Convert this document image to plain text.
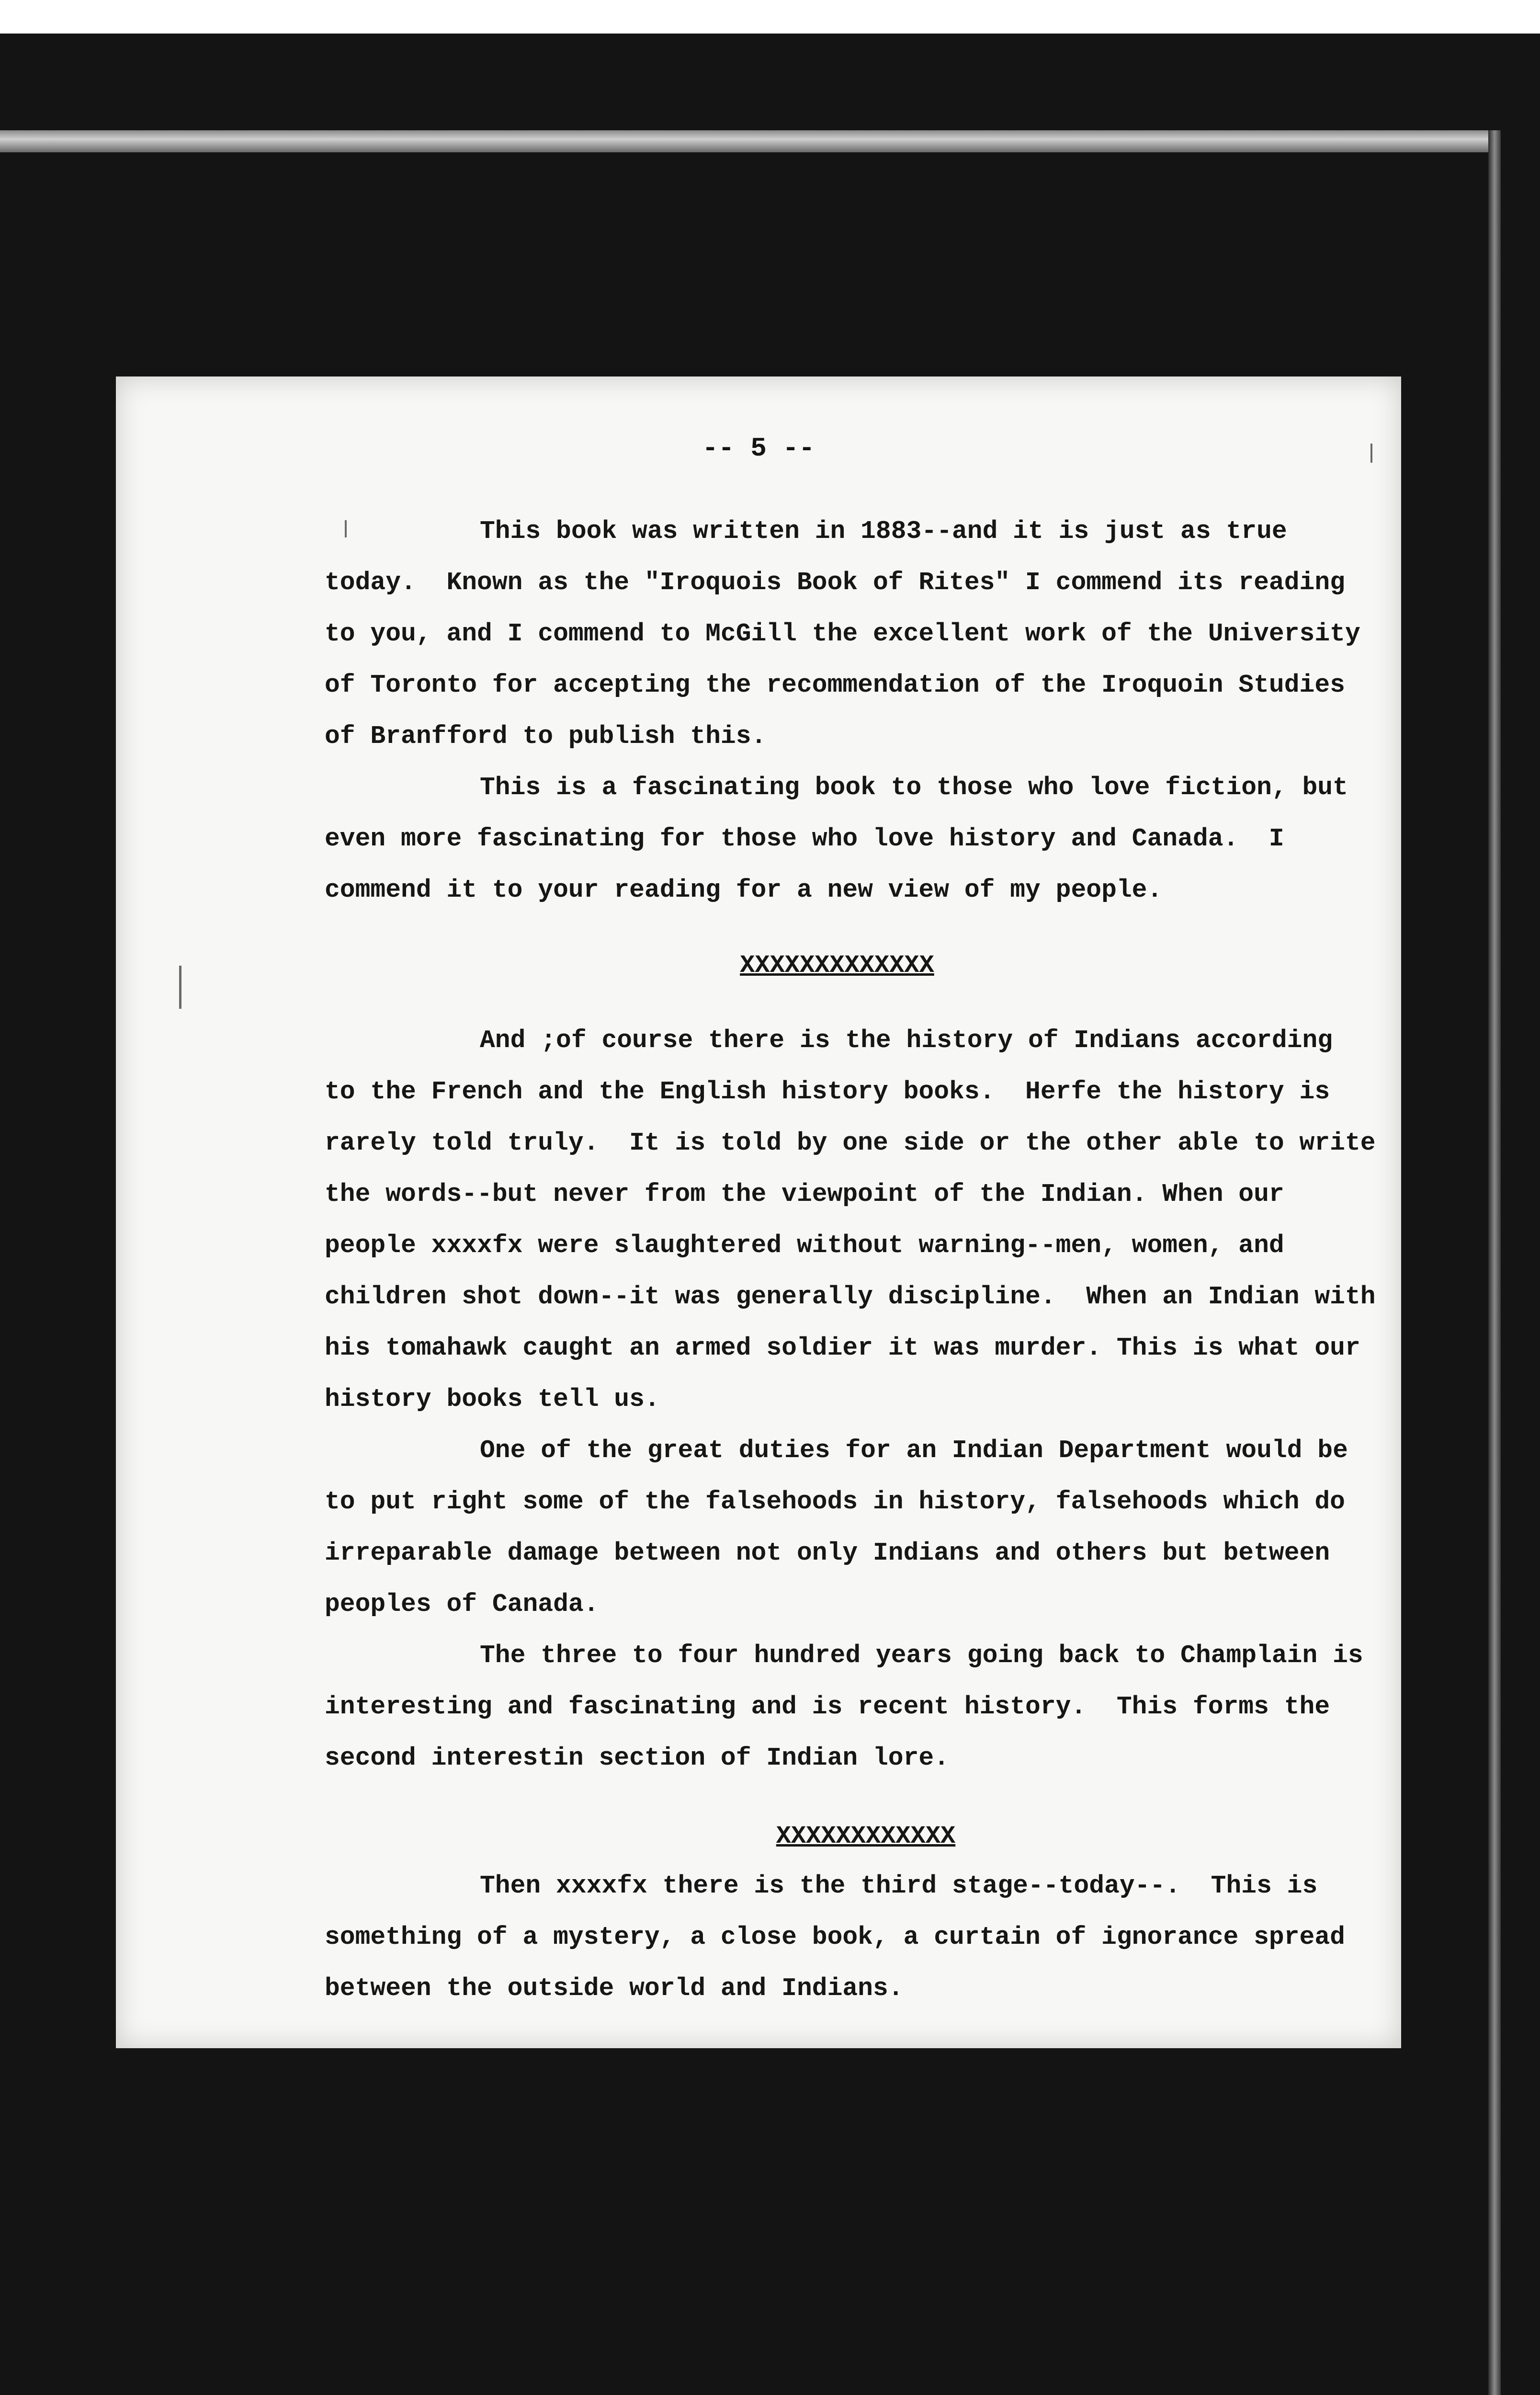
-- 5 --

This book was written in 1883--and it is just as true today.  Known as the "Iroquois Book of Rites" I commend its reading to you, and I commend to McGill the excellent work of the University of Toronto for accepting the recommendation of the Iroquoin Studies of Branfford to publish this.

This is a fascinating book to those who love fiction, but even more fascinating for those who love history and Canada.  I commend it to your reading for a new view of my people.

XXXXXXXXXXXXX

And ;of course there is the history of Indians according to the French and the English history books.  Herfe the history is rarely told truly.  It is told by one side or the other able to write the words--but never from the viewpoint of the Indian. When our people xxxxfx were slaughtered without warning--men, women, and children shot down--it was generally discipline.  When an Indian with his tomahawk caught an armed soldier it was murder. This is what our history books tell us.

One of the great duties for an Indian Department would be to put right some of the falsehoods in history, falsehoods which do irreparable damage between not only Indians and others but between peoples of Canada.

The three to four hundred years going back to Champlain is interesting and fascinating and is recent history.  This forms the second interestin section of Indian lore.

XXXXXXXXXXXX

Then xxxxfx there is the third stage--today--.  This is something of a mystery, a close book, a curtain of ignorance spread between the outside world and Indians.
